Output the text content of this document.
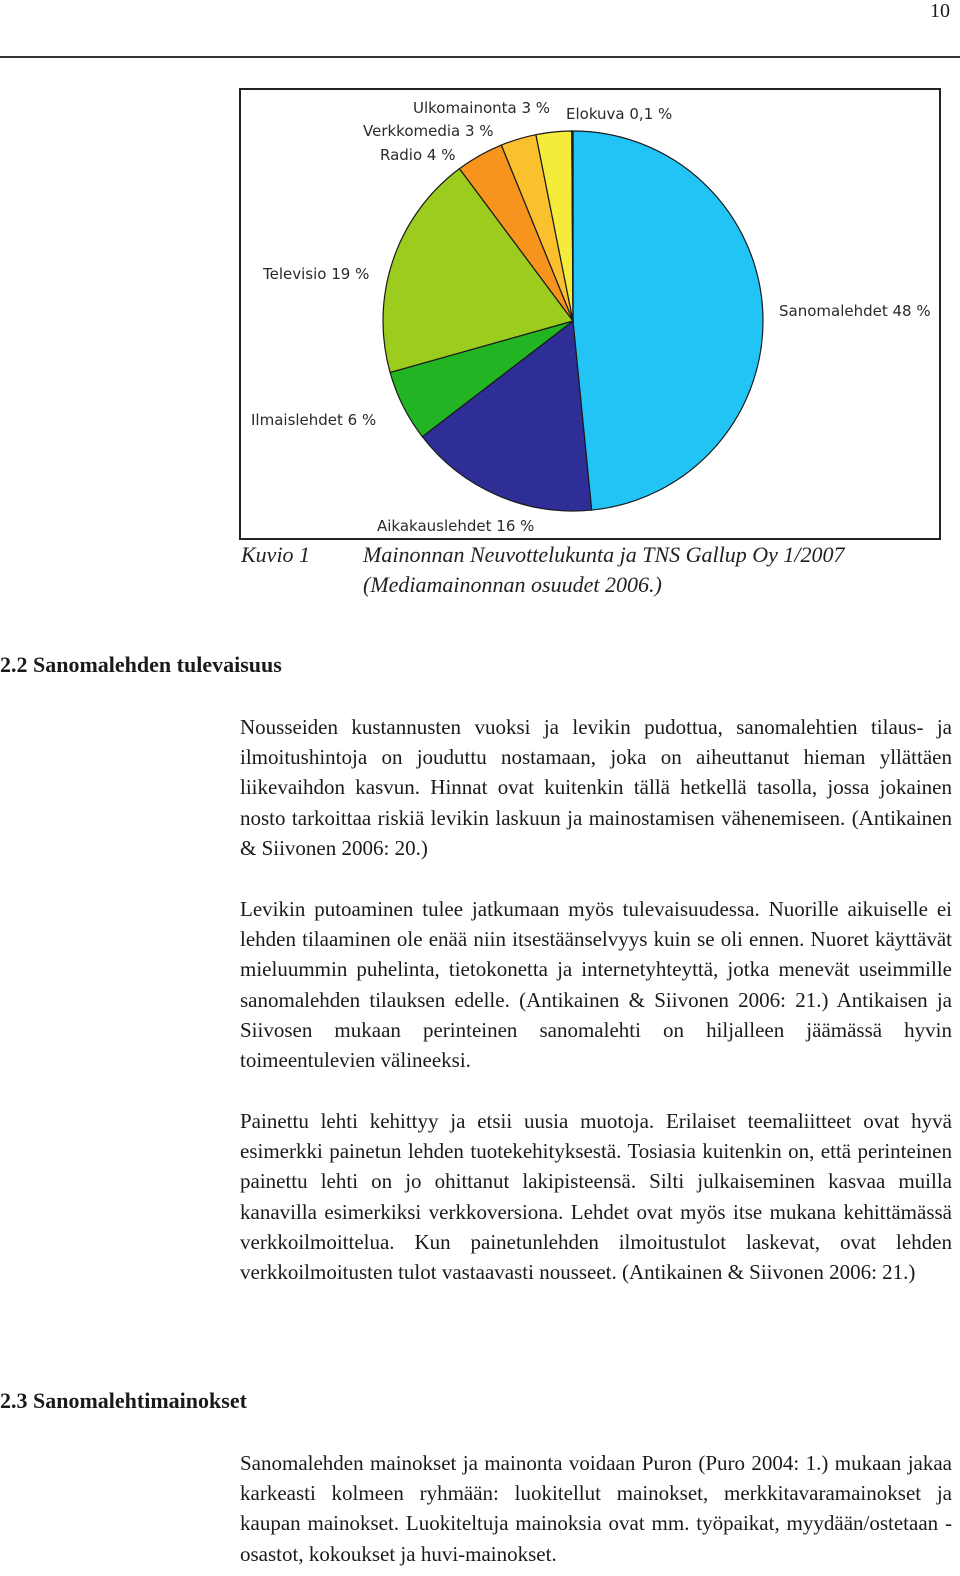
10
Sanomalehdet 48 %
Aikakauslehdet 16 %
Ilmaislehdet 6 %
Televisio 19 %
Radio 4 %
Verkkomedia 3 %
Ulkomainonta 3 % Elokuva 0,1 %
Kuvio 1 Mainonnan Neuvottelukunta ja TNS Gallup Oy 1/2007 (Mediamainonnan osuudet 2006.)
2.2 Sanomalehden tulevaisuus
Nousseiden kustannusten vuoksi ja levikin pudottua, sanomalehtien tilaus- ja ilmoitushintoja on jouduttu nostamaan, joka on aiheuttanut hieman yllättäen liikevaihdon kasvun. Hinnat ovat kuitenkin tällä hetkellä tasolla, jossa jokainen nosto tarkoittaa riskiä levikin laskuun ja mainostamisen vähenemiseen. (Antikainen & Siivonen 2006: 20.)
Levikin putoaminen tulee jatkumaan myös tulevaisuudessa. Nuorille aikuiselle ei lehden tilaaminen ole enää niin itsestäänselvyys kuin se oli ennen. Nuoret käyttävät mieluummin puhelinta, tietokonetta ja internetyhteyttä, jotka menevät useimmille sanomalehden tilauksen edelle. (Antikainen & Siivonen 2006: 21.) Antikaisen ja Siivosen mukaan perinteinen sanomalehti on hiljalleen jäämässä hyvin toimeentulevien välineeksi.
Painettu lehti kehittyy ja etsii uusia muotoja. Erilaiset teemaliitteet ovat hyvä esimerkki painetun lehden tuotekehityksestä. Tosiasia kuitenkin on, että perinteinen painettu lehti on jo ohittanut lakipisteensä. Silti julkaiseminen kasvaa muilla kanavilla esimerkiksi verkkoversiona. Lehdet ovat myös itse mukana kehittämässä verkkoilmoittelua. Kun painetunlehden ilmoitustulot laskevat, ovat lehden verkkoilmoitusten tulot vastaavasti nousseet. (Antikainen & Siivonen 2006: 21.)
2.3 Sanomalehtimainokset
Sanomalehden mainokset ja mainonta voidaan Puron (Puro 2004: 1.) mukaan jakaa karkeasti kolmeen ryhmään: luokitellut mainokset, merkkitavaramainokset ja kaupan mainokset. Luokiteltuja mainoksia ovat mm. työpaikat, myydään/ostetaan -osastot, kokoukset ja huvi-mainokset.
